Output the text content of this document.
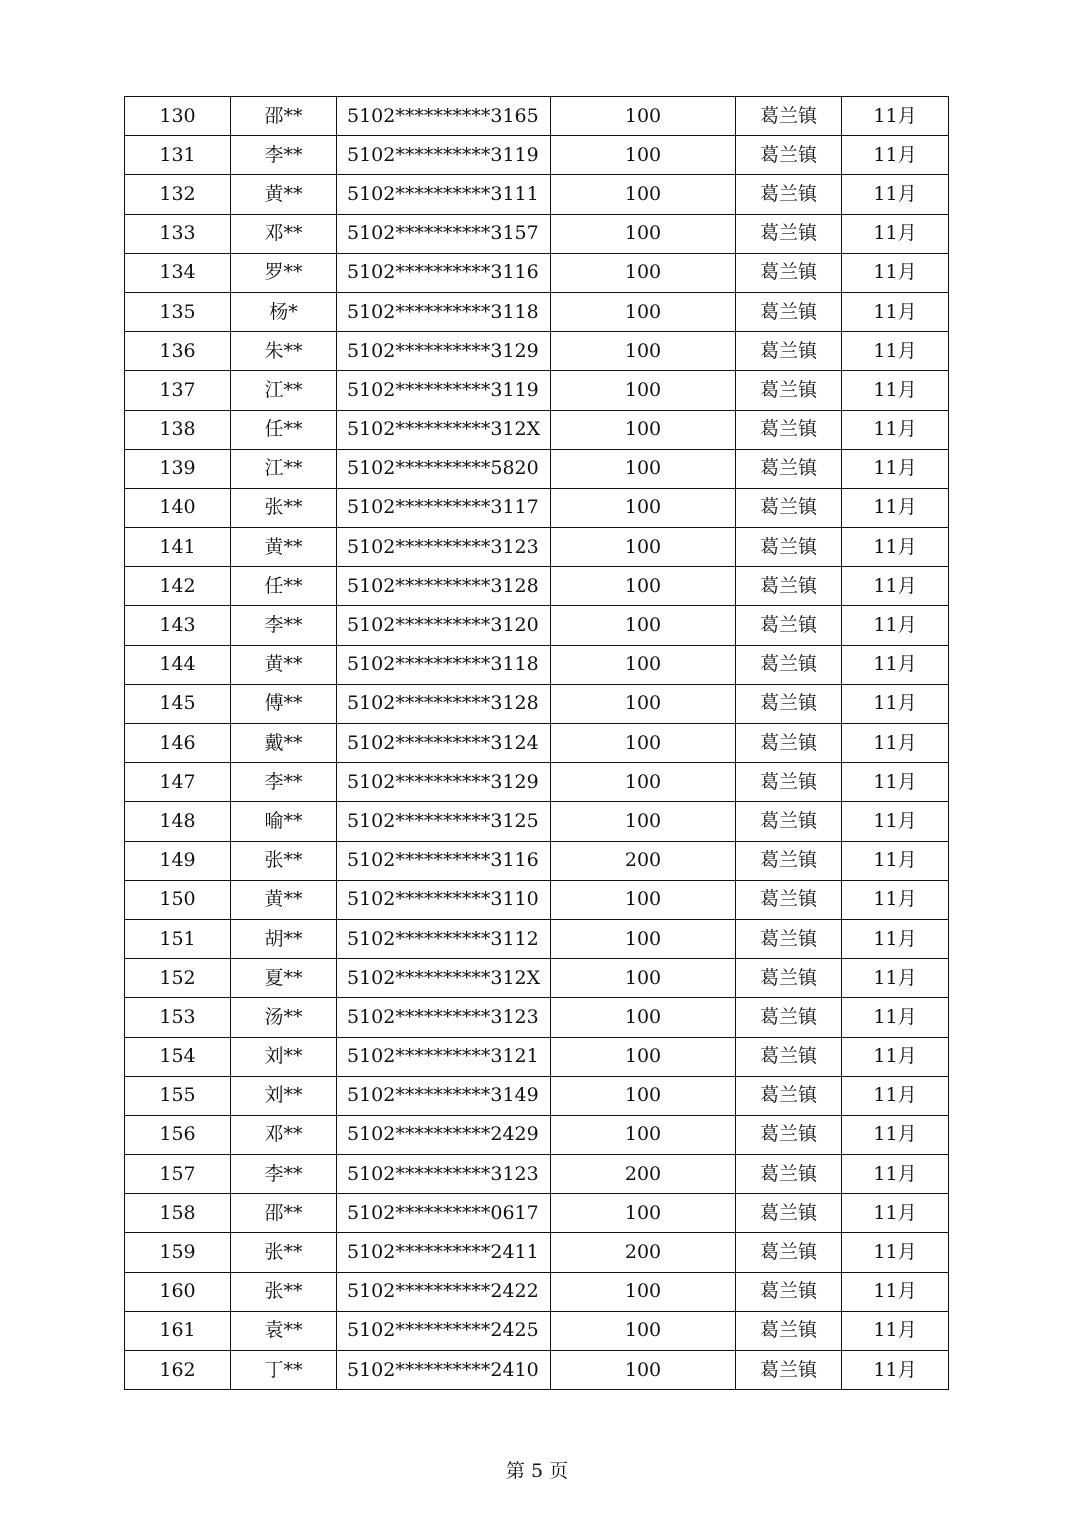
130	邵**	5102**********3165	100	葛兰镇	11月
131	李**	5102**********3119	100	葛兰镇	11月
132	黄**	5102**********3111	100	葛兰镇	11月
133	邓**	5102**********3157	100	葛兰镇	11月
134	罗**	5102**********3116	100	葛兰镇	11月
135	杨*	5102**********3118	100	葛兰镇	11月
136	朱**	5102**********3129	100	葛兰镇	11月
137	江**	5102**********3119	100	葛兰镇	11月
138	任**	5102**********312X	100	葛兰镇	11月
139	江**	5102**********5820	100	葛兰镇	11月
140	张**	5102**********3117	100	葛兰镇	11月
141	黄**	5102**********3123	100	葛兰镇	11月
142	任**	5102**********3128	100	葛兰镇	11月
143	李**	5102**********3120	100	葛兰镇	11月
144	黄**	5102**********3118	100	葛兰镇	11月
145	傅**	5102**********3128	100	葛兰镇	11月
146	戴**	5102**********3124	100	葛兰镇	11月
147	李**	5102**********3129	100	葛兰镇	11月
148	喻**	5102**********3125	100	葛兰镇	11月
149	张**	5102**********3116	200	葛兰镇	11月
150	黄**	5102**********3110	100	葛兰镇	11月
151	胡**	5102**********3112	100	葛兰镇	11月
152	夏**	5102**********312X	100	葛兰镇	11月
153	汤**	5102**********3123	100	葛兰镇	11月
154	刘**	5102**********3121	100	葛兰镇	11月
155	刘**	5102**********3149	100	葛兰镇	11月
156	邓**	5102**********2429	100	葛兰镇	11月
157	李**	5102**********3123	200	葛兰镇	11月
158	邵**	5102**********0617	100	葛兰镇	11月
159	张**	5102**********2411	200	葛兰镇	11月
160	张**	5102**********2422	100	葛兰镇	11月
161	袁**	5102**********2425	100	葛兰镇	11月
162	丁**	5102**********2410	100	葛兰镇	11月
第 5 页
